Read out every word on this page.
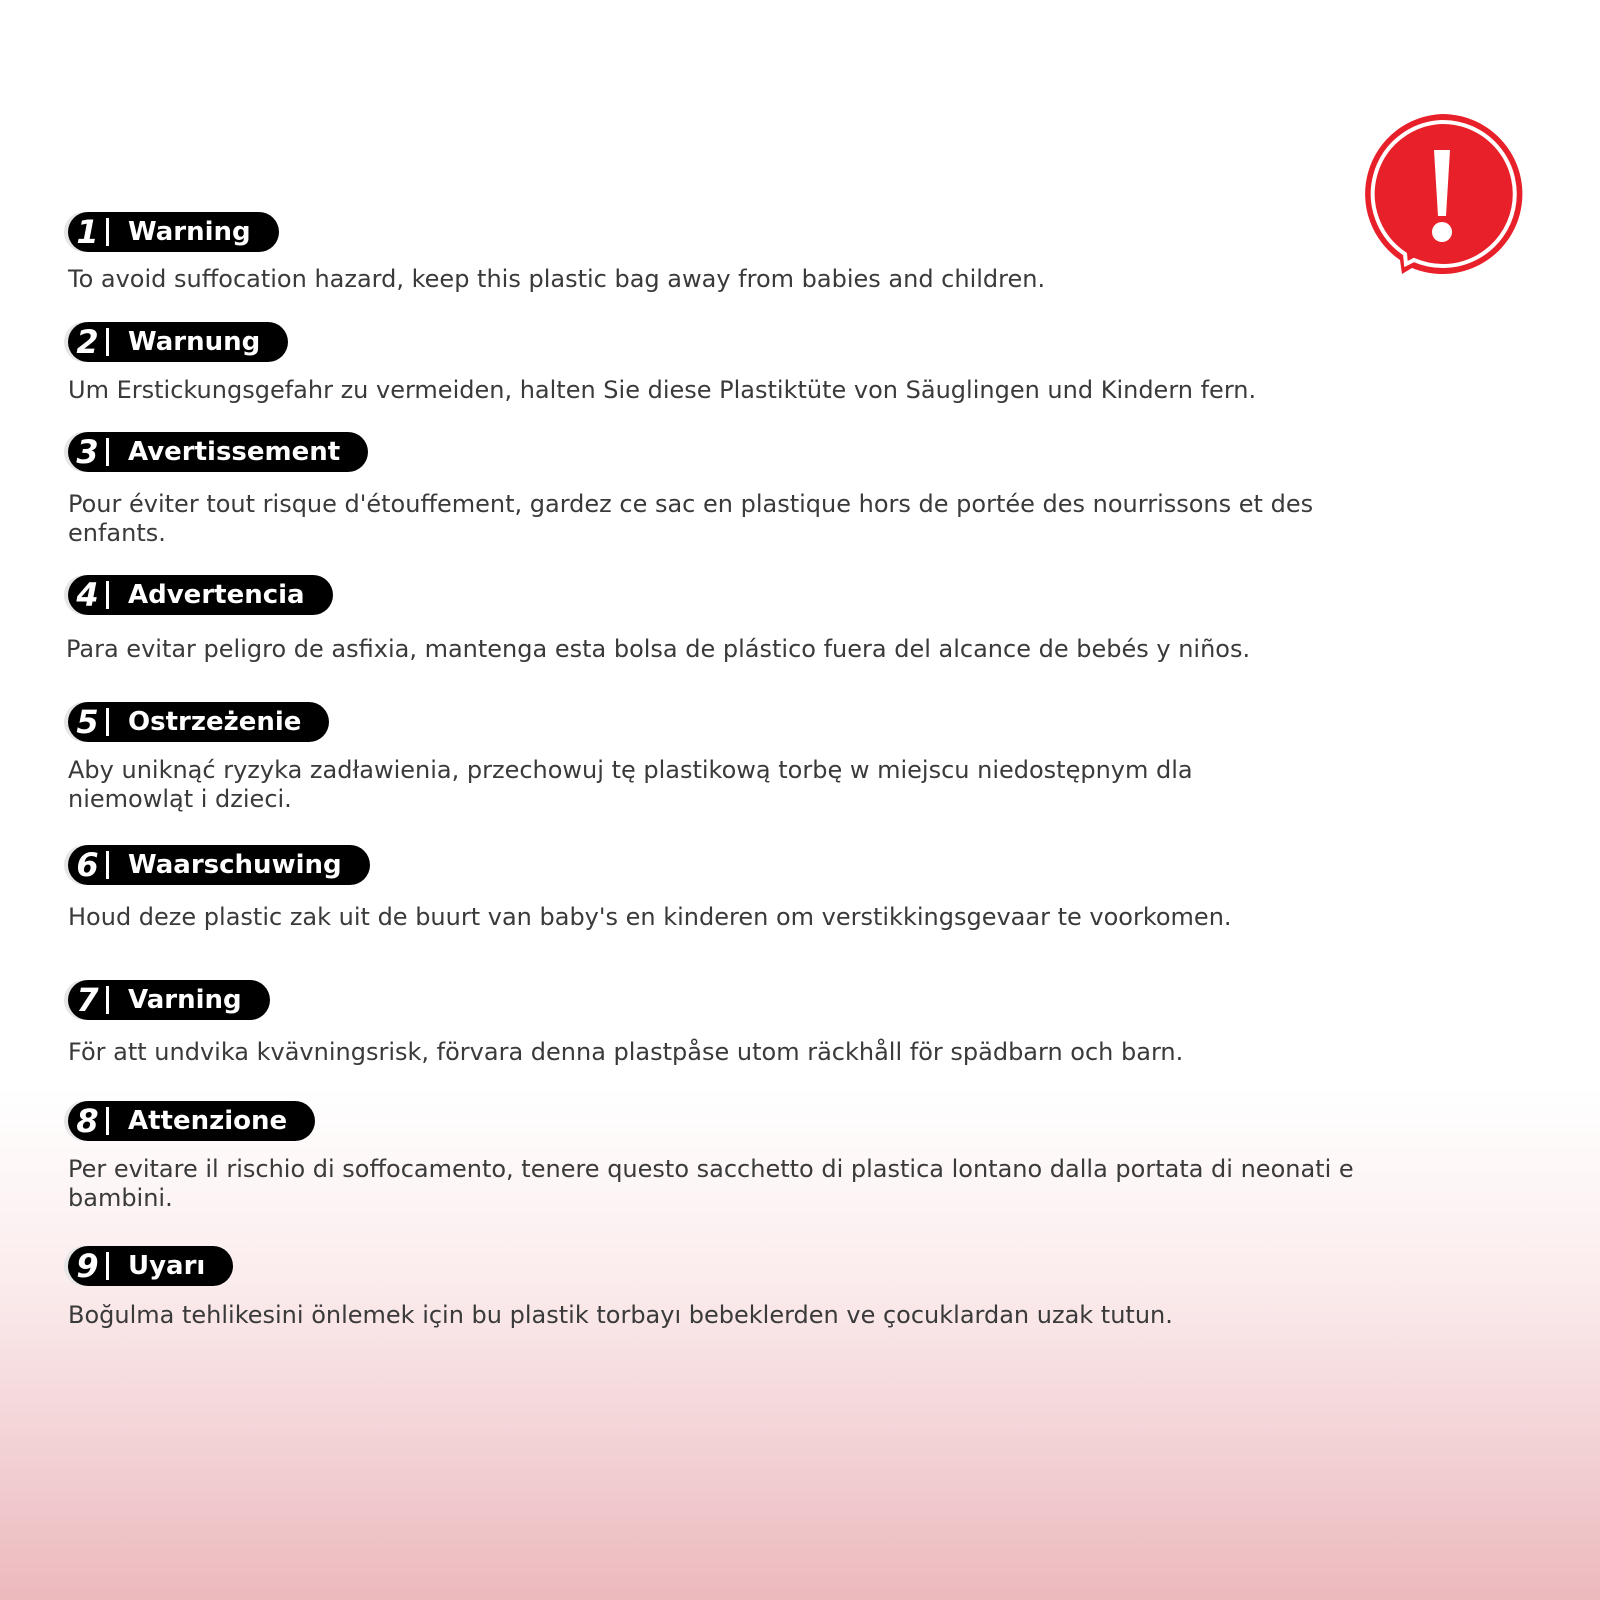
1	Warning

To avoid suffocation hazard, keep this plastic bag away from babies and children.

2	Warnung

Um Erstickungsgefahr zu vermeiden, halten Sie diese Plastiktüte von Säuglingen und Kindern fern.

3	Avertissement

Pour éviter tout risque d'étouffement, gardez ce sac en plastique hors de portée des nourrissons et des enfants.

4	Advertencia

Para evitar peligro de asfixia, mantenga esta bolsa de plástico fuera del alcance de bebés y niños.

5	Ostrzeżenie

Aby uniknąć ryzyka zadławienia, przechowuj tę plastikową torbę w miejscu niedostępnym dla niemowląt i dzieci.

6	Waarschuwing

Houd deze plastic zak uit de buurt van baby's en kinderen om verstikkingsgevaar te voorkomen.

7	Varning

För att undvika kvävningsrisk, förvara denna plastpåse utom räckhåll för spädbarn och barn.

8	Attenzione

Per evitare il rischio di soffocamento, tenere questo sacchetto di plastica lontano dalla portata di neonati e bambini.

9	Uyarı

Boğulma tehlikesini önlemek için bu plastik torbayı bebeklerden ve çocuklardan uzak tutun.
